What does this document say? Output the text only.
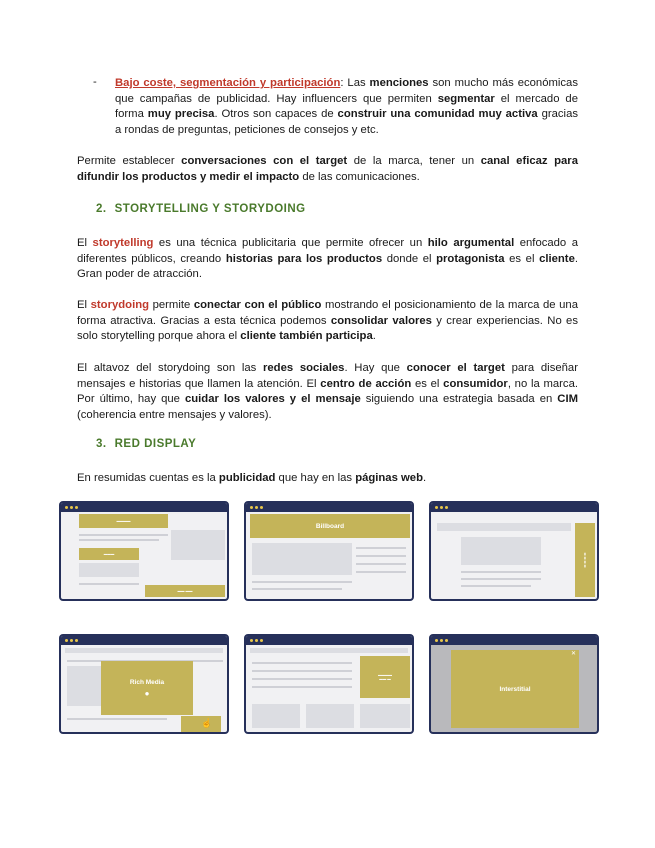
- Bajo coste, segmentación y participación: Las menciones son mucho más económicas que campañas de publicidad. Hay influencers que permiten segmentar el mercado de forma muy precisa. Otros son capaces de construir una comunidad muy activa gracias a rondas de preguntas, peticiones de consejos y etc.

Permite establecer conversaciones con el target de la marca, tener un canal eficaz para difundir los productos y medir el impacto de las comunicaciones.

2. STORYTELLING Y STORYDOING

El storytelling es una técnica publicitaria que permite ofrecer un hilo argumental enfocado a diferentes públicos, creando historias para los productos donde el protagonista es el cliente. Gran poder de atracción.

El storydoing permite conectar con el público mostrando el posicionamiento de la marca de una forma atractiva. Gracias a esta técnica podemos consolidar valores y crear experiencias. No es solo storytelling porque ahora el cliente también participa.

El altavoz del storydoing son las redes sociales. Hay que conocer el target para diseñar mensajes e historias que llamen la atención. El centro de acción es el consumidor, no la marca. Por último, hay que cuidar los valores y el mensaje siguiendo una estrategia basada en CIM (coherencia entre mensajes y valores).

3. RED DISPLAY

En resumidas cuentas es la publicidad que hay en las páginas web.

▬▬▬▬
▬▬▬
▬▬ ▬▬
Billboard
▮
▮
▮
▮
Rich Media
●
☝
▬▬▬▬
▬▬ ▬
Interstitial
✕
